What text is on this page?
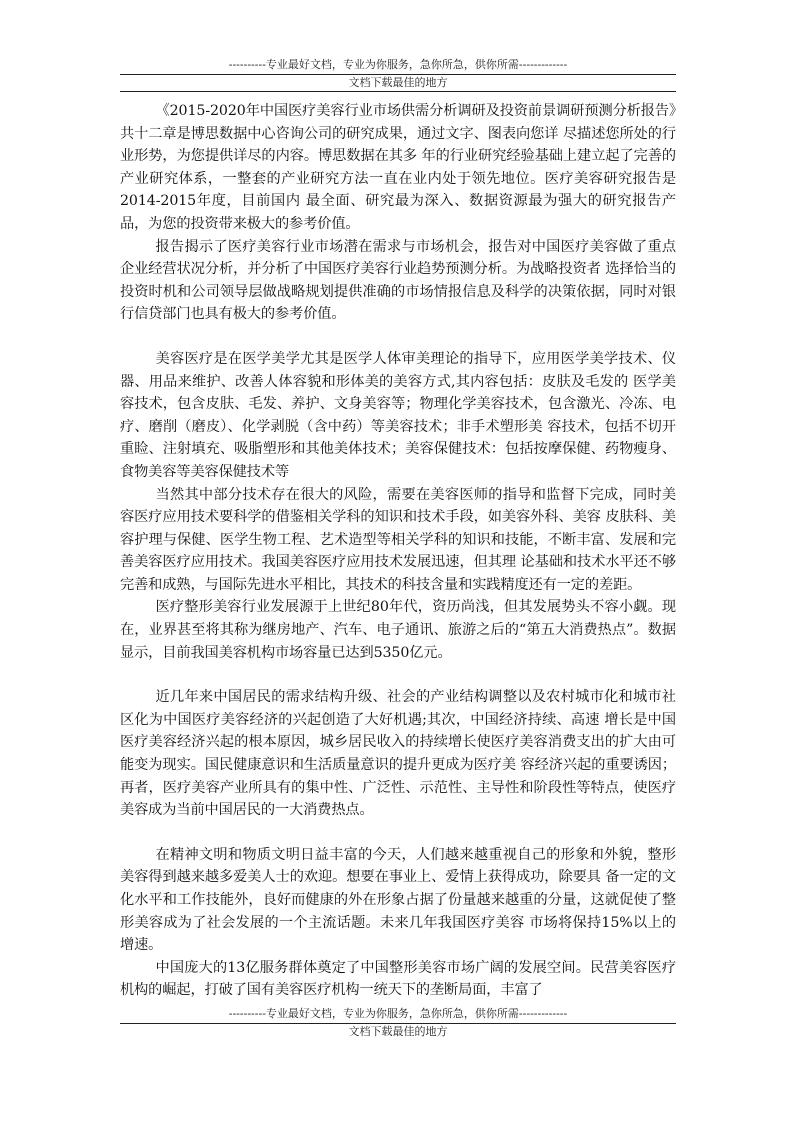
----------专业最好文档，专业为你服务，急你所急，供你所需-------------
文档下载最佳的地方

《2015-2020年中国医疗美容行业市场供需分析调研及投资前景调研预测分析报告》共十二章是博思数据中心咨询公司的研究成果，通过文字、图表向您详 尽描述您所处的行业形势，为您提供详尽的内容。博思数据在其多 年的行业研究经验基础上建立起了完善的产业研究体系，一整套的产业研究方法一直在业内处于领先地位。医疗美容研究报告是2014-2015年度，目前国内 最全面、研究最为深入、数据资源最为强大的研究报告产品，为您的投资带来极大的参考价值。

报告揭示了医疗美容行业市场潜在需求与市场机会，报告对中国医疗美容做了重点企业经营状况分析，并分析了中国医疗美容行业趋势预测分析。为战略投资者 选择恰当的投资时机和公司领导层做战略规划提供准确的市场情报信息及科学的决策依据，同时对银行信贷部门也具有极大的参考价值。

美容医疗是在医学美学尤其是医学人体审美理论的指导下，应用医学美学技术、仪器、用品来维护、改善人体容貌和形体美的美容方式,其内容包括：皮肤及毛发的 医学美容技术，包含皮肤、毛发、养护、文身美容等；物理化学美容技术，包含激光、冷冻、电疗、磨削（磨皮）、化学剥脱（含中药）等美容技术；非手术塑形美 容技术，包括不切开重睑、注射填充、吸脂塑形和其他美体技术；美容保健技术：包括按摩保健、药物瘦身、食物美容等美容保健技术等

当然其中部分技术存在很大的风险，需要在美容医师的指导和监督下完成，同时美容医疗应用技术要科学的借鉴相关学科的知识和技术手段，如美容外科、美容 皮肤科、美容护理与保健、医学生物工程、艺术造型等相关学科的知识和技能，不断丰富、发展和完善美容医疗应用技术。我国美容医疗应用技术发展迅速，但其理 论基础和技术水平还不够完善和成熟，与国际先进水平相比，其技术的科技含量和实践精度还有一定的差距。

医疗整形美容行业发展源于上世纪80年代，资历尚浅，但其发展势头不容小觑。现在，业界甚至将其称为继房地产、汽车、电子通讯、旅游之后的“第五大消费热点”。数据显示，目前我国美容机构市场容量已达到5350亿元。

近几年来中国居民的需求结构升级、社会的产业结构调整以及农村城市化和城市社区化为中国医疗美容经济的兴起创造了大好机遇;其次，中国经济持续、高速 增长是中国医疗美容经济兴起的根本原因，城乡居民收入的持续增长使医疗美容消费支出的扩大由可能变为现实。国民健康意识和生活质量意识的提升更成为医疗美 容经济兴起的重要诱因；再者，医疗美容产业所具有的集中性、广泛性、示范性、主导性和阶段性等特点，使医疗美容成为当前中国居民的一大消费热点。

在精神文明和物质文明日益丰富的今天，人们越来越重视自己的形象和外貌，整形美容得到越来越多爱美人士的欢迎。想要在事业上、爱情上获得成功，除要具 备一定的文化水平和工作技能外，良好而健康的外在形象占据了份量越来越重的分量，这就促使了整形美容成为了社会发展的一个主流话题。未来几年我国医疗美容 市场将保持15%以上的增速。

中国庞大的13亿服务群体奠定了中国整形美容市场广阔的发展空间。民营美容医疗机构的崛起，打破了国有美容医疗机构一统天下的垄断局面，丰富了

----------专业最好文档，专业为你服务，急你所急，供你所需-------------
文档下载最佳的地方
